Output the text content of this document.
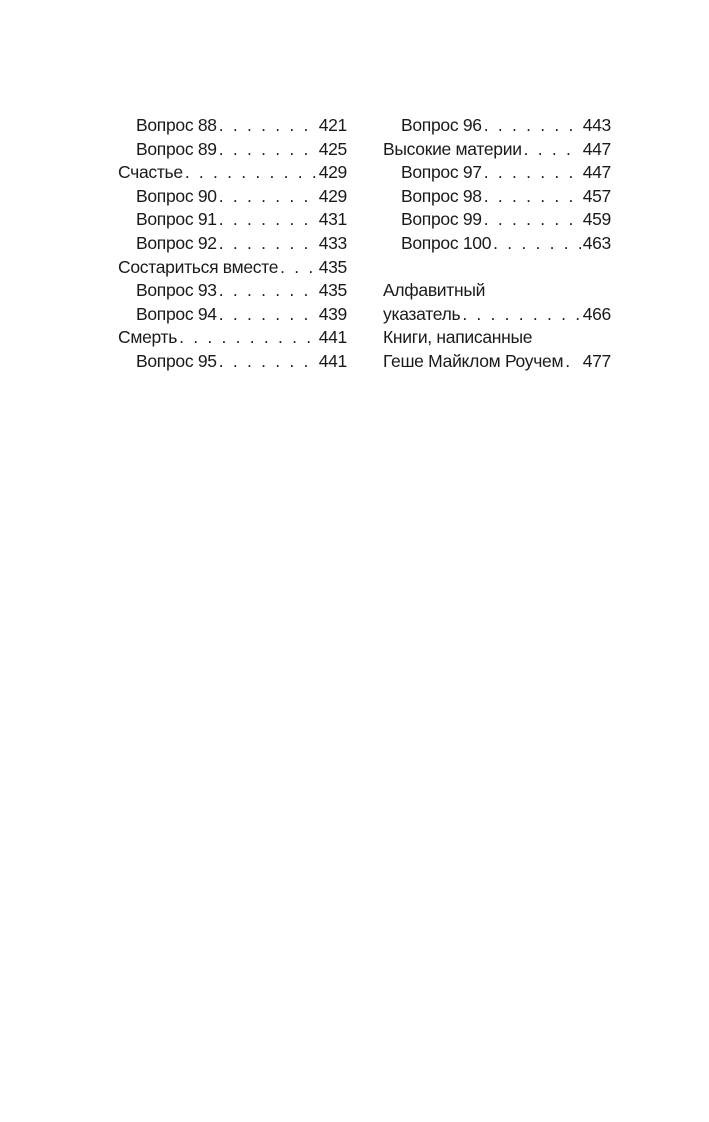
Вопрос 88 . . .	421
Вопрос 89 . . .	425
Счастье . . .	429
Вопрос 90 . . .	429
Вопрос 91 . . .	431
Вопрос 92 . . .	433
Состариться вместе . . . 435
Вопрос 93 . . .	435
Вопрос 94 . . .	439
Смерть . . .	441
Вопрос 95 . . .	441
Вопрос 96 . . .	443
Высокие материи . . .	447
Вопрос 97 . . .	447
Вопрос 98 . . .	457
Вопрос 99 . . .	459
Вопрос 100 . . .	463
Алфавитный
указатель . . .	466
Книги, написанные
Геше Майклом Роучем . . . 477
